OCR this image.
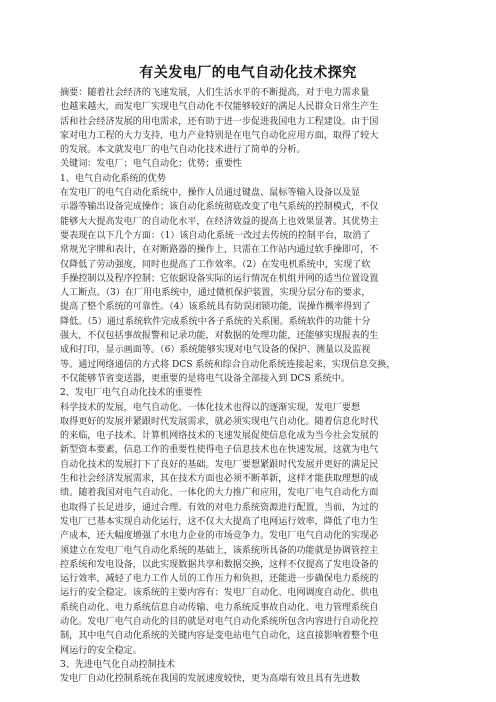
有关发电厂的电气自动化技术探究
摘要：随着社会经济的飞速发展，人们生活水平的不断提高，对于电力需求量
也越来越大，而发电厂实现电气自动化不仅能够较好的满足人民群众日常生产生
活和社会经济发展的用电需求，还有助于进一步促进我国电力工程建设。由于国
家对电力工程的大力支持，电力产业特别是在电气自动化应用方面，取得了较大
的发展。本文就发电厂的电气自动化技术进行了简单的分析。
关键词：发电厂；电气自动化；优势；重要性
1、电气自动化系统的优势
在发电厂的电气自动化系统中，操作人员通过键盘、鼠标等输入设备以及显
示器等输出设备完成操作；该自动化系统彻底改变了电气系统的控制模式，不仅
能够大大提高发电厂的自动化水平，在经济效益的提高上也效果显著。其优势主
要表现在以下几个方面：（1）该自动化系统一改过去传统的控制平台，取消了
常规光字牌和表计，在对断路器的操作上，只需在工作站内通过软手操即可，不
仅降低了劳动强度，同时也提高了工作效率。（2）在发电机系统中，实现了软
手操控制以及程序控制；它依据设备实际的运行情况在机组并网的适当位置设置
人工断点。（3）在厂用电系统中，通过微机保护装置，实现分层分布的要求，
提高了整个系统的可靠性。（4）该系统具有防误闭锁功能，误操作概率得到了
降低。（5）通过系统软件完成系统中各子系统的关系图。系统软件的功能十分
强大，不仅包括事故报警和记录功能，对数据的处理功能，还能够实现报表的生
成和打印，显示画面等。（6）系统能够实现对电气设备的保护、测量以及监视
等。通过网络通信的方式将 DCS 系统和综合自动化系统连接起来，实现信息交换，
不仅能够节省变送器，更重要的是将电气设备全部接入到 DCS 系统中。
2、发电厂电气自动化技术的重要性
科学技术的发展，电气自动化、一体化技术也得以的逐渐实现，发电厂要想
取得更好的发展并紧跟时代发展需求，就必须实现电气自动化。随着信息化时代
的来临，电子技术、计算机网络技术的飞速发展促使信息化成为当今社会发展的
新型资本要素，信息工作的重要性使得电子信息技术也在快速发展，这就为电气
自动化技术的发展打下了良好的基础。发电厂要想紧跟时代发展并更好的满足民
生和社会经济发展需求，其在技术方面也必须不断革新，这样才能获取理想的成
绩。随着我国对电气自动化、一体化的大力推广和应用，发电厂电气自动化方面
也取得了长足进步，通过合理、有效的对电力系统资源进行配置，当前，为过的
发电厂已基本实现自动化运行，这不仅大大提高了电网运行效率，降低了电力生
产成本，还大幅度增强了水电力企业的市场竞争力。发电厂电气自动化的实现必
须建立在发电厂电气自动化系统的基础上，该系统所具备的功能就是协调管控主
控系统和发电设备，以此实现数据共享和数据交换，这样不仅提高了发电设备的
运行效率，减轻了电力工作人员的工作压力和负担，还能进一步确保电力系统的
运行的安全稳定。该系统的主要内容有：发电厂自动化、电网调度自动化、供电
系统自动化、电力系统信息自动传输、电力系统反事故自动化、电力管理系统自
动化。发电厂电气自动化的目的就是对电气自动化系统所包含内容进行自动化控
制，其中电气自动化系统的关键内容是变电站电气自动化，这直接影响着整个电
网运行的安全稳定。
3、先进电气化自动控制技术
发电厂自动化控制系统在我国的发展速度较快，更为高端有效且具有先进数
